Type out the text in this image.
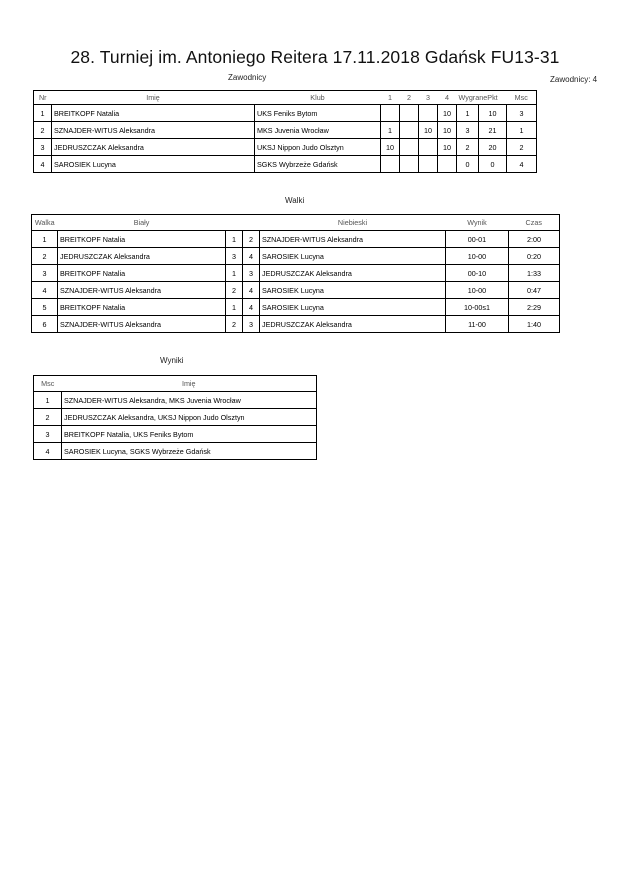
28. Turniej im. Antoniego Reitera 17.11.2018 Gdańsk FU13-31
Zawodnicy	Zawodnicy: 4
Nr	Imię	Klub	1	2	3	4	Wygrane	Pkt	Msc
1	BREITKOPF Natalia	UKS Feniks Bytom				10	1	10	3
2	SZNAJDER-WITUS Aleksandra	MKS Juvenia Wrocław	1		10	10	3	21	1
3	JEDRUSZCZAK Aleksandra	UKSJ Nippon Judo Olsztyn	10			10	2	20	2
4	SAROSIEK Lucyna	SGKS Wybrzeże Gdańsk					0	0	4
Walki
Walka	Biały			Niebieski	Wynik	Czas
1	BREITKOPF Natalia	1	2	SZNAJDER-WITUS Aleksandra	00-01	2:00
2	JEDRUSZCZAK Aleksandra	3	4	SAROSIEK Lucyna	10-00	0:20
3	BREITKOPF Natalia	1	3	JEDRUSZCZAK Aleksandra	00-10	1:33
4	SZNAJDER-WITUS Aleksandra	2	4	SAROSIEK Lucyna	10-00	0:47
5	BREITKOPF Natalia	1	4	SAROSIEK Lucyna	10-00s1	2:29
6	SZNAJDER-WITUS Aleksandra	2	3	JEDRUSZCZAK Aleksandra	11-00	1:40
Wyniki
Msc	Imię
1	SZNAJDER-WITUS Aleksandra, MKS Juvenia Wrocław
2	JEDRUSZCZAK Aleksandra, UKSJ Nippon Judo Olsztyn
3	BREITKOPF Natalia, UKS Feniks Bytom
4	SAROSIEK Lucyna, SGKS Wybrzeże Gdańsk
